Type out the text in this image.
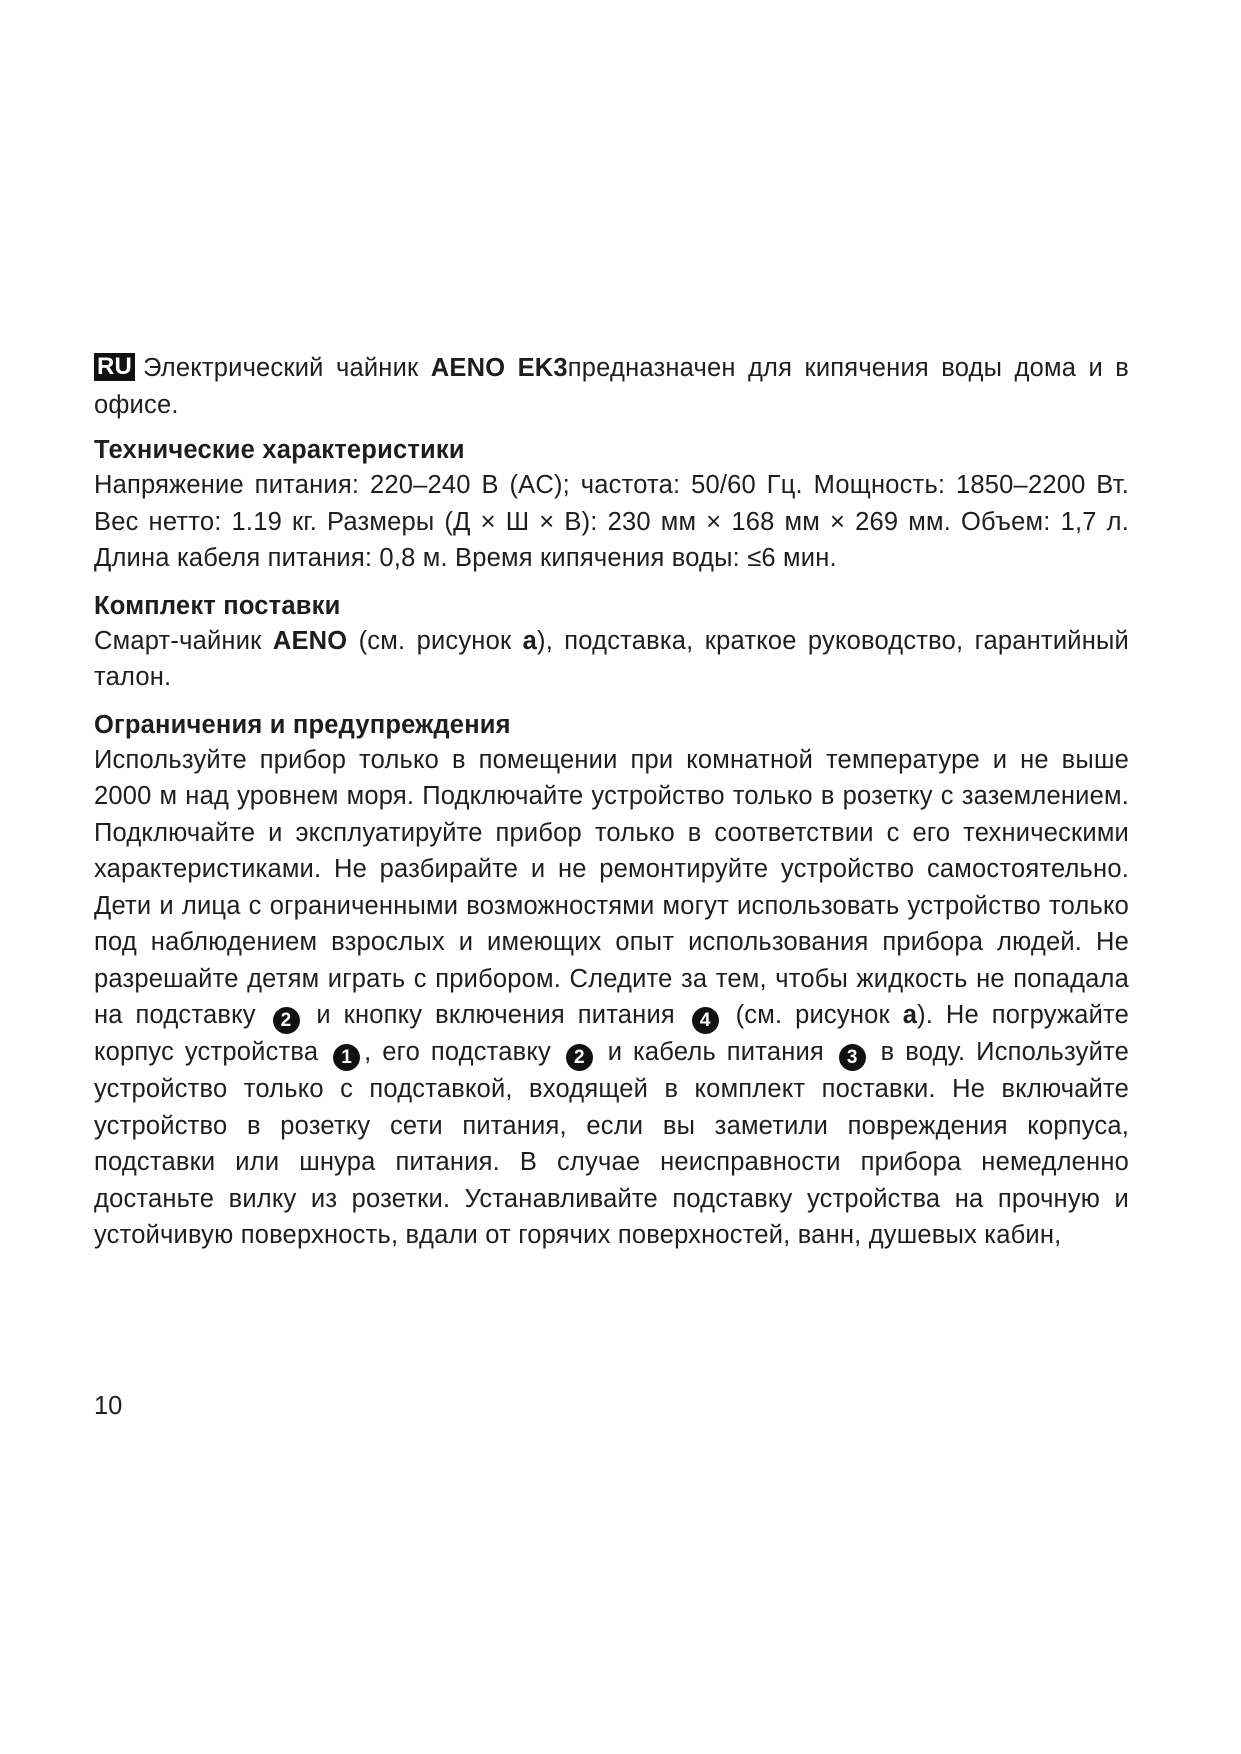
RU Электрический чайник AENO EK3предназначен для кипячения воды дома и в офисе.

Технические характеристики

Напряжение питания: 220–240 В (AC); частота: 50/60 Гц. Мощность: 1850–2200 Вт. Вес нетто: 1.19 кг. Размеры (Д × Ш × В): 230 мм × 168 мм × 269 мм. Объем: 1,7 л. Длина кабеля питания: 0,8 м. Время кипячения воды: ≤6 мин.

Комплект поставки

Смарт-чайник AENO (см. рисунок а), подставка, краткое руководство, гарантийный талон.

Ограничения и предупреждения

Используйте прибор только в помещении при комнатной температуре и не выше 2000 м над уровнем моря. Подключайте устройство только в розетку с заземлением. Подключайте и эксплуатируйте прибор только в соответствии с его техническими характеристиками. Не разбирайте и не ремонтируйте устройство самостоятельно. Дети и лица с ограниченными возможностями могут использовать устройство только под наблюдением взрослых и имеющих опыт использования прибора людей. Не разрешайте детям играть с прибором. Следите за тем, чтобы жидкость не попадала на подставку 2 и кнопку включения питания 4 (см. рисунок а). Не погружайте корпус устройства 1 , его подставку 2 и кабель питания 3 в воду. Используйте устройство только с подставкой, входящей в комплект поставки. Не включайте устройство в розетку сети питания, если вы заметили повреждения корпуса, подставки или шнура питания. В случае неисправности прибора немедленно достаньте вилку из розетки. Устанавливайте подставку устройства на прочную и устойчивую поверхность, вдали от горячих поверхностей, ванн, душевых кабин,

10
